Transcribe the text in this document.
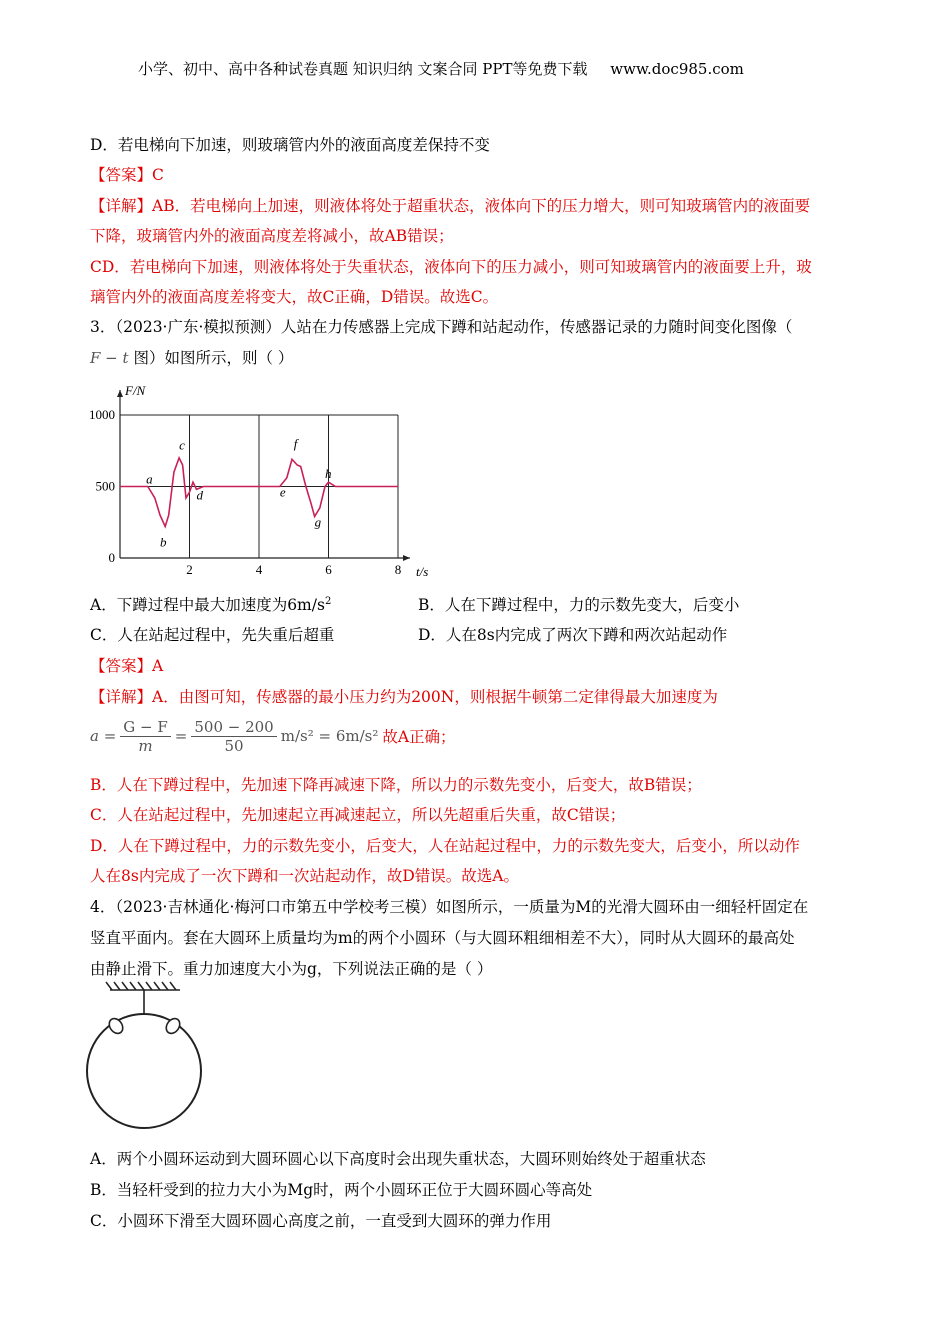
小学、初中、高中各种试卷真题 知识归纳 文案合同 PPT等免费下载 www.doc985.com
D．若电梯向下加速，则玻璃管内外的液面高度差保持不变
【答案】C
【详解】AB．若电梯向上加速，则液体将处于超重状态，液体向下的压力增大，则可知玻璃管内的液面要
下降，玻璃管内外的液面高度差将减小，故AB错误；
CD．若电梯向下加速，则液体将处于失重状态，液体向下的压力减小，则可知玻璃管内的液面要上升，玻
璃管内外的液面高度差将变大，故C正确，D错误。故选C。
3．（2023·广东·模拟预测）人站在力传感器上完成下蹲和站起动作，传感器记录的力随时间变化图像（
F − t 图）如图所示，则（ ）
2	4	6	8
0
500
1000
t/s
F/N
a
b
c
d	e
f
g
h
A．下蹲过程中最大加速度为$6m/s^2$	B．人在下蹲过程中，力的示数先变大，后变小
C．人在站起过程中，先失重后超重	D．人在8s内完成了两次下蹲和两次站起动作
【答案】A
【详解】A．由图可知，传感器的最小压力约为200N，则根据牛顿第二定律得最大加速度为
$a = \frac{G - F}{m} = \frac{500 - 200}{50} m/s^2 = 6m/s^2$ 故A正确；
B．人在下蹲过程中，先加速下降再减速下降，所以力的示数先变小，后变大，故B错误；
C．人在站起过程中，先加速起立再减速起立，所以先超重后失重，故C错误；
D．人在下蹲过程中，力的示数先变小，后变大，人在站起过程中，力的示数先变大，后变小，所以动作
人在8s内完成了一次下蹲和一次站起动作，故D错误。故选A。
4．（2023·吉林通化·梅河口市第五中学校考三模）如图所示，一质量为M的光滑大圆环由一细轻杆固定在
竖直平面内。套在大圆环上质量均为m的两个小圆环（与大圆环粗细相差不大），同时从大圆环的最高处
由静止滑下。重力加速度大小为g，下列说法正确的是（ ）
A．两个小圆环运动到大圆环圆心以下高度时会出现失重状态，大圆环则始终处于超重状态
B．当轻杆受到的拉力大小为Mg时，两个小圆环正位于大圆环圆心等高处
C．小圆环下滑至大圆环圆心高度之前，一直受到大圆环的弹力作用
